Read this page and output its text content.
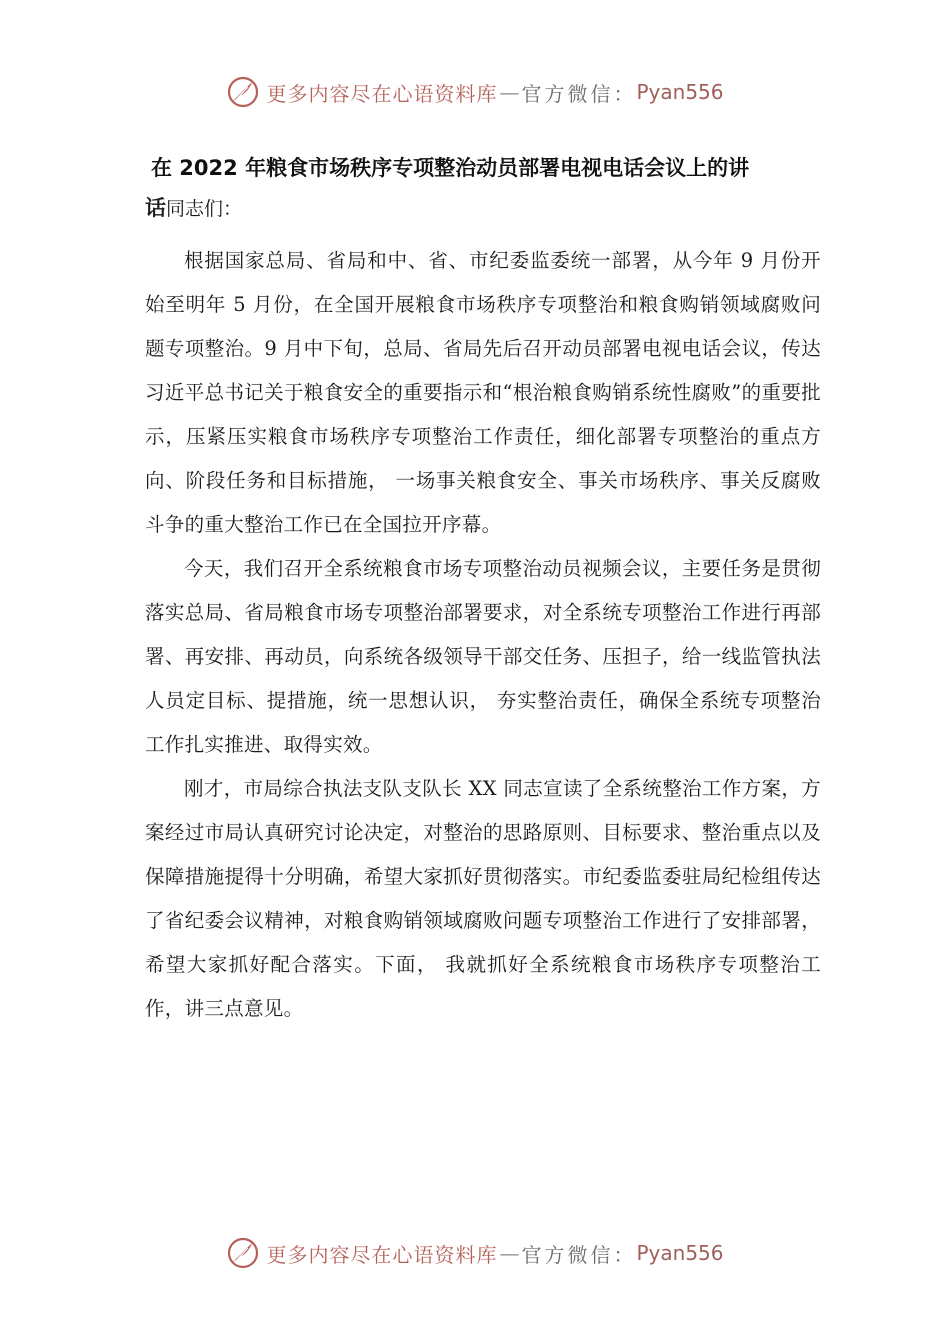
更多内容尽在心语资料库 — 官方微信： Pyan556
在 2022 年粮食市场秩序专项整治动员部署电视电话会议上的讲
话同志们：

根据国家总局、省局和中、省、市纪委监委统一部署，从今年 9 月份开始至明年 5 月份，在全国开展粮食市场秩序专项整治和粮食购销领域腐败问题专项整治。9 月中下旬，总局、省局先后召开动员部署电视电话会议，传达习近平总书记关于粮食安全的重要指示和“根治粮食购销系统性腐败”的重要批示，压紧压实粮食市场秩序专项整治工作责任，细化部署专项整治的重点方向、阶段任务和目标措施， 一场事关粮食安全、事关市场秩序、事关反腐败斗争的重大整治工作已在全国拉开序幕。

今天，我们召开全系统粮食市场专项整治动员视频会议，主要任务是贯彻落实总局、省局粮食市场专项整治部署要求，对全系统专项整治工作进行再部署、再安排、再动员，向系统各级领导干部交任务、压担子，给一线监管执法人员定目标、提措施，统一思想认识， 夯实整治责任，确保全系统专项整治工作扎实推进、取得实效。

刚才，市局综合执法支队支队长 XX 同志宣读了全系统整治工作方案，方案经过市局认真研究讨论决定，对整治的思路原则、目标要求、整治重点以及保障措施提得十分明确，希望大家抓好贯彻落实。市纪委监委驻局纪检组传达了省纪委会议精神，对粮食购销领域腐败问题专项整治工作进行了安排部署，希望大家抓好配合落实。下面， 我就抓好全系统粮食市场秩序专项整治工作，讲三点意见。

更多内容尽在心语资料库 — 官方微信： Pyan556
